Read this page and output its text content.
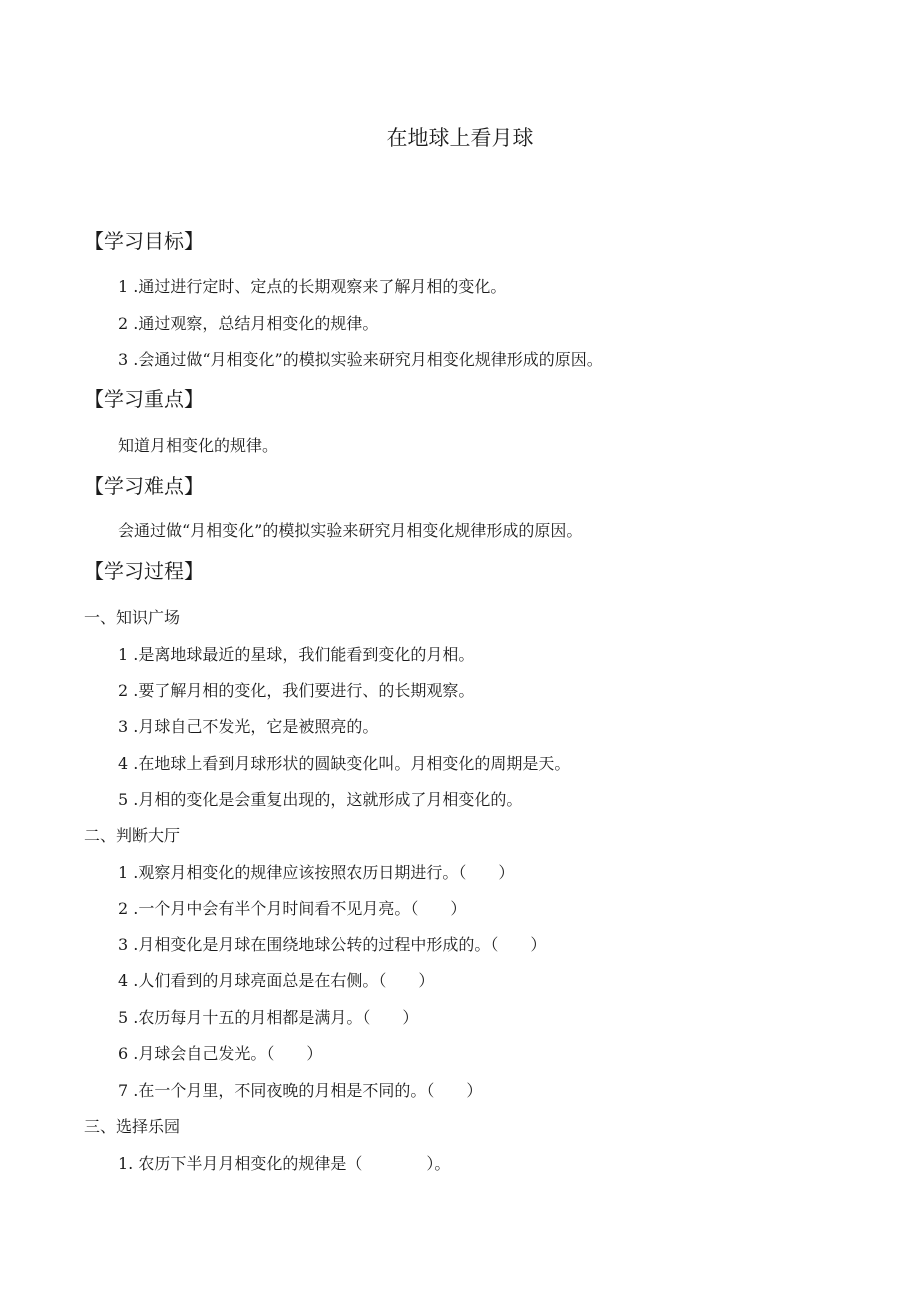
在地球上看月球
【学习目标】
1 .通过进行定时、定点的长期观察来了解月相的变化。
2 .通过观察，总结月相变化的规律。
3 .会通过做“月相变化”的模拟实验来研究月相变化规律形成的原因。
【学习重点】
知道月相变化的规律。
【学习难点】
会通过做“月相变化”的模拟实验来研究月相变化规律形成的原因。
【学习过程】
一、知识广场
1 .是离地球最近的星球，我们能看到变化的月相。
2 .要了解月相的变化，我们要进行、的长期观察。
3 .月球自己不发光，它是被照亮的。
4 .在地球上看到月球形状的圆缺变化叫。月相变化的周期是天。
5 .月相的变化是会重复出现的，这就形成了月相变化的。
二、判断大厅
1 .观察月相变化的规律应该按照农历日期进行。（　　）
2 .一个月中会有半个月时间看不见月亮。（　　）
3 .月相变化是月球在围绕地球公转的过程中形成的。（　　）
4 .人们看到的月球亮面总是在右侧。（　　）
5 .农历每月十五的月相都是满月。（　　）
6 .月球会自己发光。（　　）
7 .在一个月里，不同夜晚的月相是不同的。（　　）
三、选择乐园
1. 农历下半月月相变化的规律是（　　　　）。
